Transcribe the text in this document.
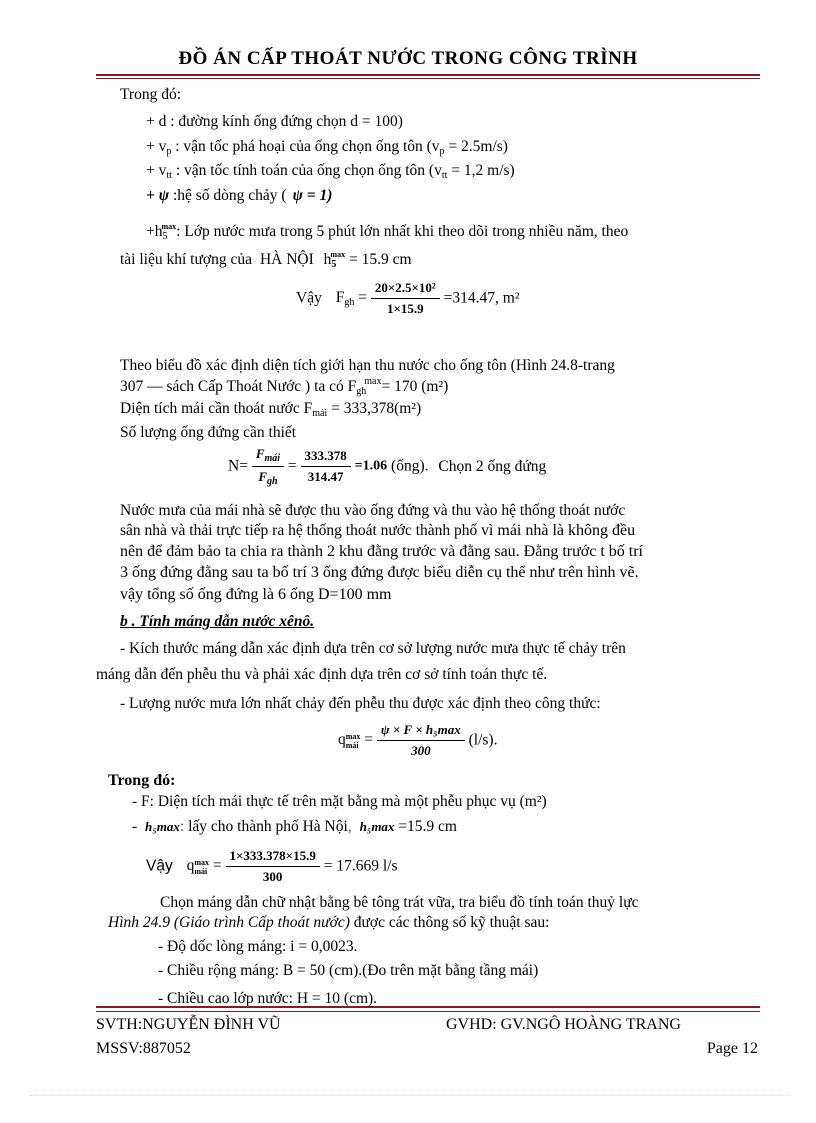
ĐỒ ÁN CẤP THOÁT NƯỚC TRONG CÔNG TRÌNH
Trong đó:
+ d : đường kính ống đứng chọn d = 100)
+ $v_p$ : vận tốc phá hoại của ống chọn ống tôn $(v_p = 2.5m/s)$
+ $v_{tt}$ : vận tốc tính toán của ống chọn ống tôn ($v_{tt} = 1,2$ m/s)
+ ψ :hệ số dòng chảy ( ψ = 1)
$+h_5^{max}$: Lớp nước mưa trong 5 phút lớn nhất khi theo dõi trong nhiều năm, theo
tài liệu khí tượng của HÀ NỘI $h_5^{max} = 15.9$ cm
Vậy $F_{gh} = \frac{\text{20×2.5×10²}}{1\times 15.9} =314.47$, m²
Theo biểu đồ xác định diện tích giới hạn thu nước cho ống tôn (Hình 24.8-trang
307 — sách Cấp Thoát Nước ) ta có $F_{gh}^{max}= 170$ (m²)
Diện tích mái cần thoát nước $F_{mái} = 333,378(m^2)$
Số lượng ống đứng cần thiết
$N= \frac{F_{mái}}{F_{gh}} = \frac{333.378}{314.47} =1.06$ (ống). Chọn 2 ống đứng
Nước mưa của mái nhà sẽ được thu vào ống đứng và thu vào hệ thống thoát nước
sân nhà và thải trực tiếp ra hệ thống thoát nước thành phố vì mái nhà là không đều
nên để đảm bảo ta chia ra thành 2 khu đằng trước và đằng sau. Đằng trước t bố trí
3 ống đứng đằng sau ta bố trí 3 ống đứng được biểu diễn cụ thể như trên hình vẽ.
vậy tổng số ống đứng là 6 ống D=100 mm
b . Tính máng dẫn nước xênô.
- Kích thước máng dẫn xác định dựa trên cơ sở lượng nước mưa thực tế chảy trên
máng dẫn đến phễu thu và phải xác định dựa trên cơ sở tính toán thực tế.
- Lượng nước mưa lớn nhất chảy đến phễu thu được xác định theo công thức:
q max
mái = $\frac{\text{ψ × F × h₅max}}{300} (l/s)$.
Trong đó:
- F: Diện tích mái thực tế trên mặt bằng mà một phễu phục vụ (m²)
- h₅max: lấy cho thành phố Hà Nội, h₅max =15.9 cm
Vậy q max
mái = $\frac{1\times 333.378\times 15.9}{300} = 17.669$ l/s
Chọn máng dẫn chữ nhật bằng bê tông trát vữa, tra biểu đồ tính toán thuỷ lực
Hình 24.9 (Giáo trình Cấp thoát nước) được các thông số kỹ thuật sau:
- Độ dốc lòng máng: i = 0,0023.
- Chiều rộng máng: B = 50 (cm).(Đo trên mặt bằng tầng mái)
- Chiều cao lớp nước: H = 10 (cm).
SVTH:NGUYỄN ĐÌNH VŨ	GVHD: GV.NGÔ HOÀNG TRANG
MSSV:887052	Page 12
